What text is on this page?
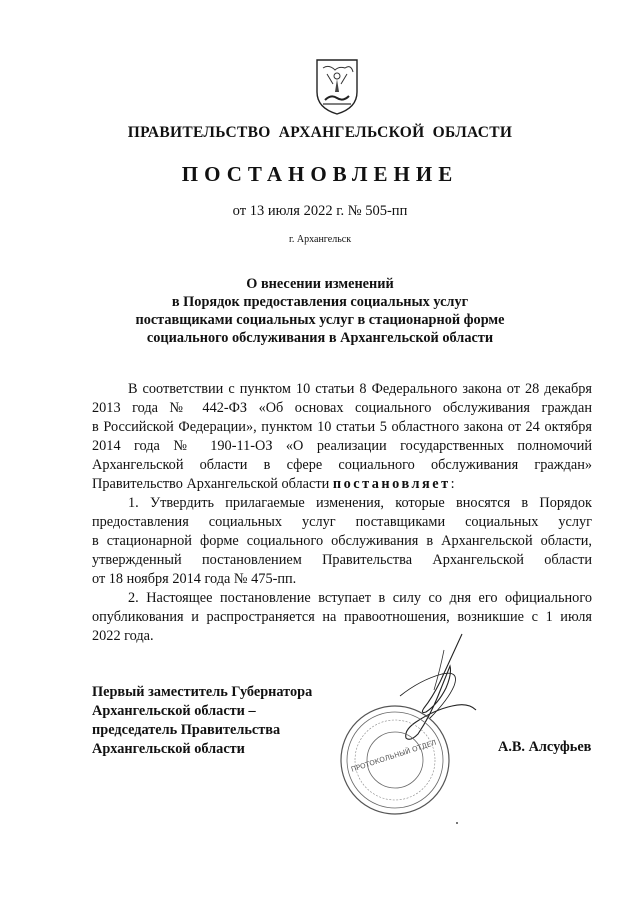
ПРАВИТЕЛЬСТВО АРХАНГЕЛЬСКОЙ ОБЛАСТИ
ПОСТАНОВЛЕНИЕ
от 13 июля 2022 г. № 505-пп
г. Архангельск
О внесении изменений
в Порядок предоставления социальных услуг
поставщиками социальных услуг в стационарной форме
социального обслуживания в Архангельской области
В соответствии с пунктом 10 статьи 8 Федерального закона от 28 декабря
2013 года № 442-ФЗ «Об основах социального обслуживания граждан
в Российской Федерации», пунктом 10 статьи 5 областного закона от 24 октября
2014 года № 190-11-ОЗ «О реализации государственных полномочий
Архангельской области в сфере социального обслуживания граждан»
Правительство Архангельской области постановляет:
1. Утвердить прилагаемые изменения, которые вносятся в Порядок
предоставления социальных услуг поставщиками социальных услуг
в стационарной форме социального обслуживания в Архангельской области,
утвержденный постановлением Правительства Архангельской области
от 18 ноября 2014 года № 475-пп.
2. Настоящее постановление вступает в силу со дня его официального
опубликования и распространяется на правоотношения, возникшие с 1 июля
2022 года.
ПРОТОКОЛЬНЫЙ ОТДЕЛ
Первый заместитель Губернатора
Архангельской области –
председатель Правительства
Архангельской области	А.В. Алсуфьев
